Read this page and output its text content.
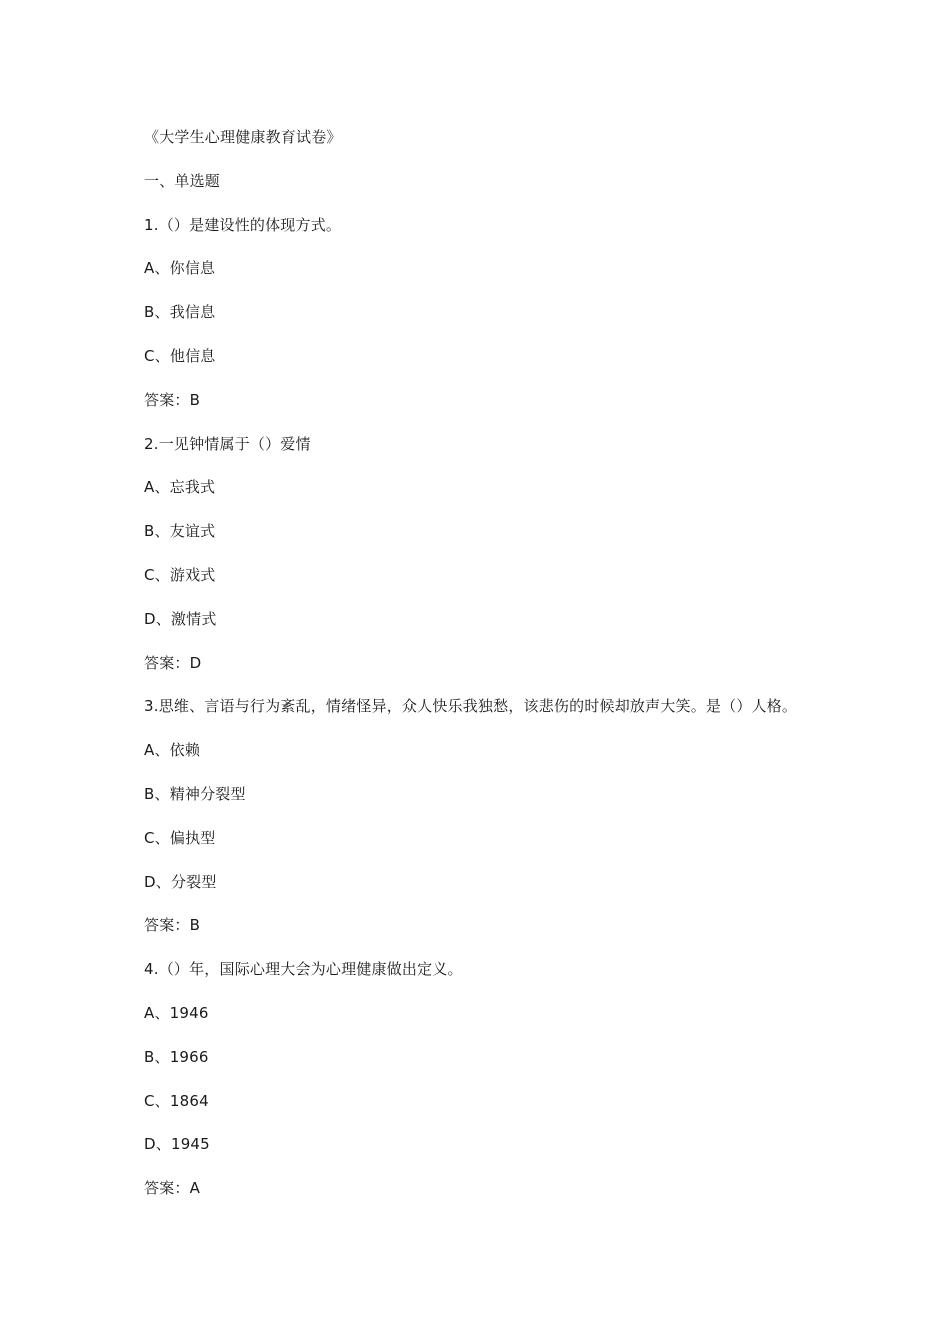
《大学生心理健康教育试卷》
一、单选题
1.（）是建设性的体现方式。
A、你信息
B、我信息
C、他信息
答案：B
2.一见钟情属于（）爱情
A、忘我式
B、友谊式
C、游戏式
D、激情式
答案：D
3.思维、言语与行为紊乱，情绪怪异，众人快乐我独愁，该悲伤的时候却放声大笑。是（）人格。
A、依赖
B、精神分裂型
C、偏执型
D、分裂型
答案：B
4.（）年，国际心理大会为心理健康做出定义。
A、1946
B、1966
C、1864
D、1945
答案：A
